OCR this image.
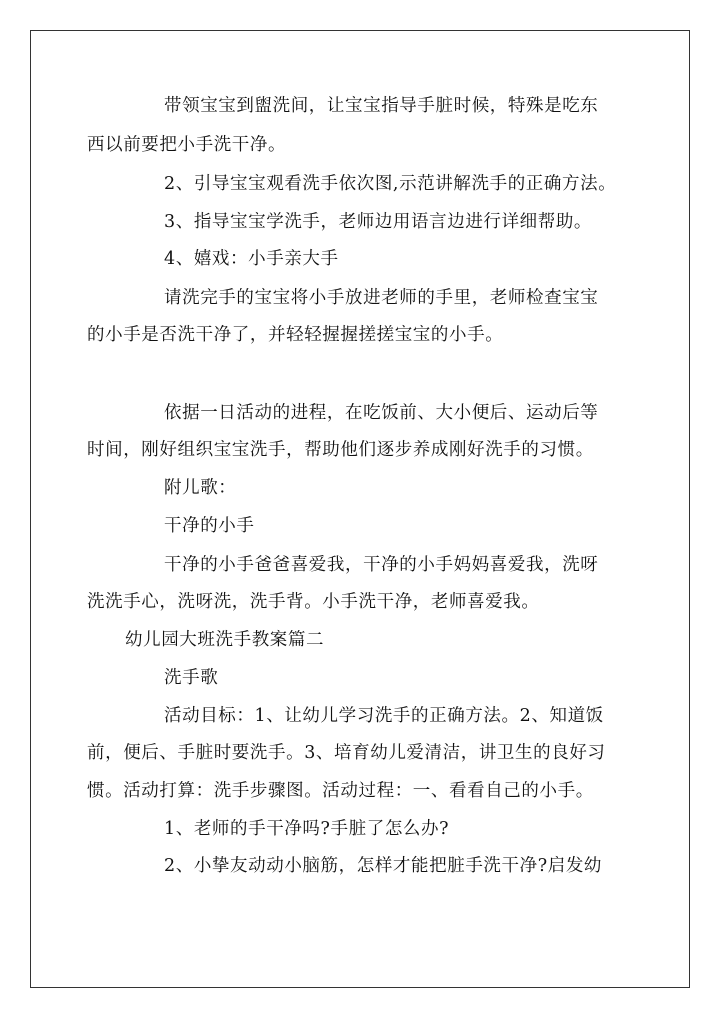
带领宝宝到盥洗间，让宝宝指导手脏时候，特殊是吃东
西以前要把小手洗干净。
2、引导宝宝观看洗手依次图,示范讲解洗手的正确方法。
3、指导宝宝学洗手，老师边用语言边进行详细帮助。
4、嬉戏：小手亲大手
请洗完手的宝宝将小手放进老师的手里，老师检查宝宝
的小手是否洗干净了，并轻轻握握搓搓宝宝的小手。
依据一日活动的进程，在吃饭前、大小便后、运动后等
时间，刚好组织宝宝洗手，帮助他们逐步养成刚好洗手的习惯。
附儿歌：
干净的小手
干净的小手爸爸喜爱我，干净的小手妈妈喜爱我，洗呀
洗洗手心，洗呀洗，洗手背。小手洗干净，老师喜爱我。
幼儿园大班洗手教案篇二
洗手歌
活动目标：1、让幼儿学习洗手的正确方法。2、知道饭
前，便后、手脏时要洗手。3、培育幼儿爱清洁，讲卫生的良好习
惯。活动打算：洗手步骤图。活动过程：一、看看自己的小手。
1、老师的手干净吗?手脏了怎么办?
2、小挚友动动小脑筋，怎样才能把脏手洗干净?启发幼
